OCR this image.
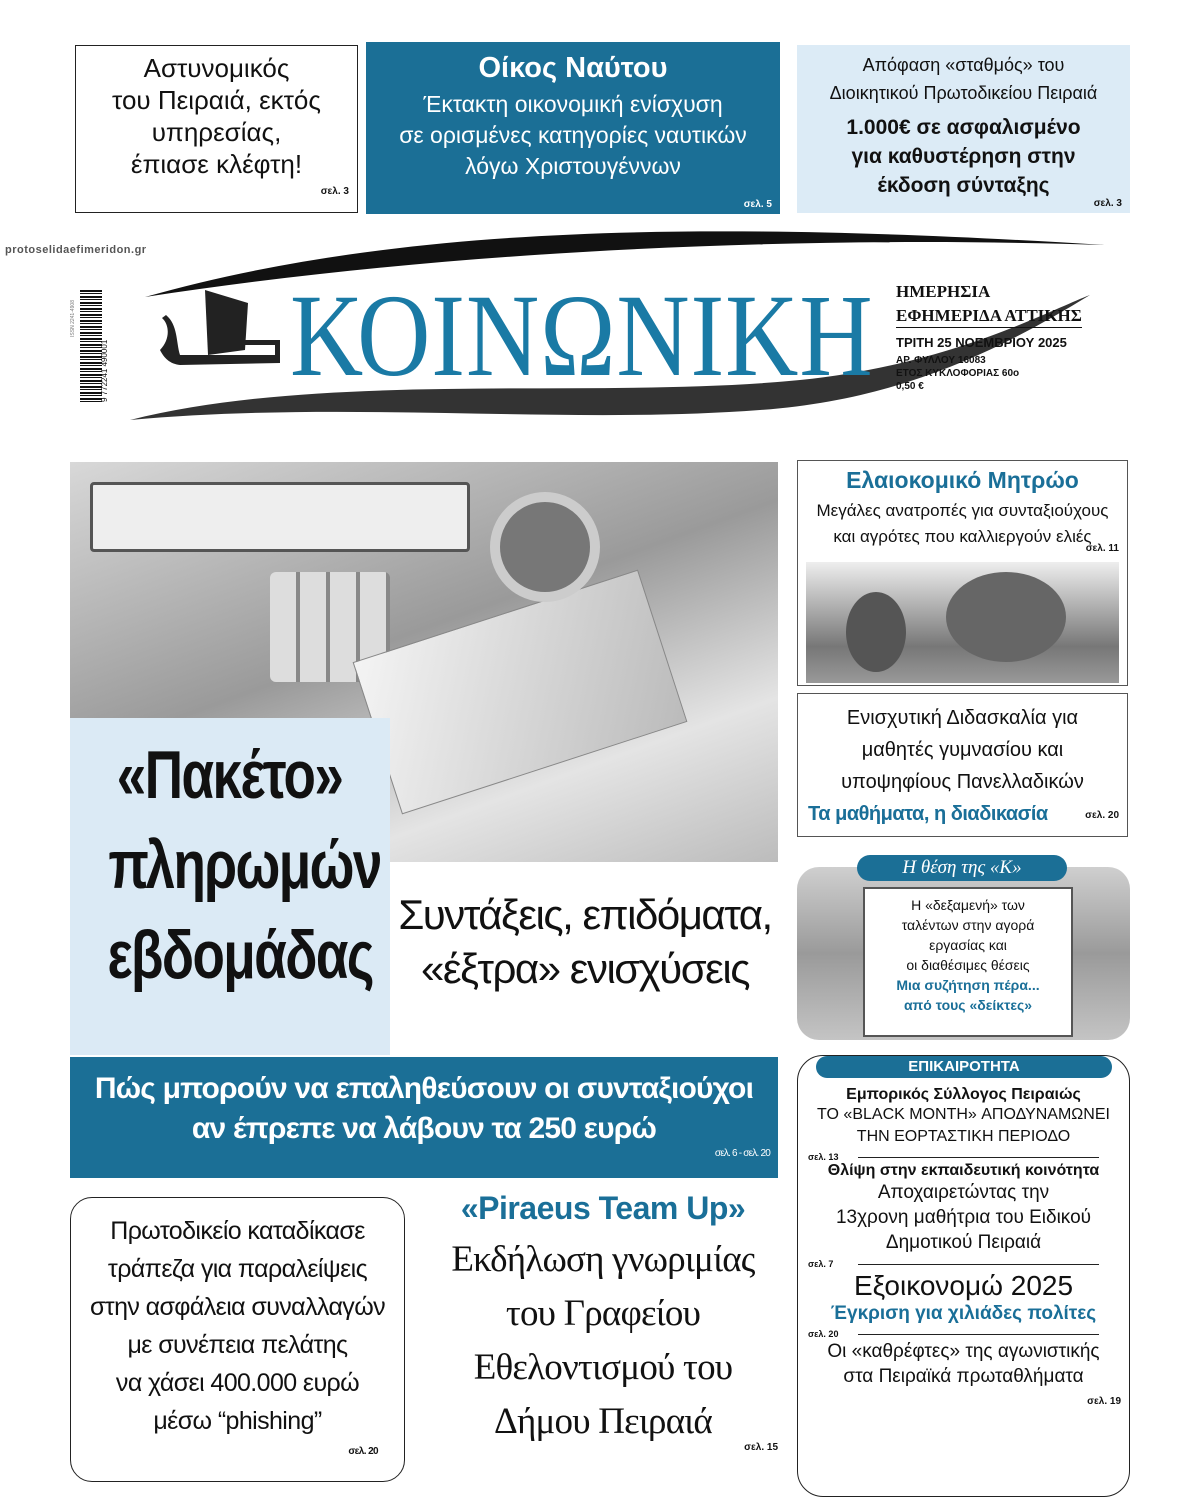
Αστυνομικός
του Πειραιά, εκτός
υπηρεσίας,
έπιασε κλέφτη!
σελ. 3
Οίκος Ναύτου
Έκτακτη οικονομική ενίσχυση
σε ορισμένες κατηγορίες ναυτικών
λόγω Χριστουγέννων
σελ. 5
Απόφαση «σταθμός» του
Διοικητικού Πρωτοδικείου Πειραιά
1.000€ σε ασφαλισμένο
για καθυστέρηση στην
έκδοση σύνταξης
σελ. 3
protoselidaefimeridon.gr
9 772241 490001
ISSN 2241-4908 ΚΟΙΝΩΝΙΚΗ ΗΜΕΡΗΣΙΑ
ΕΦΗΜΕΡΙΔΑ ΑΤΤΙΚΗΣ
ΤΡΙΤΗ 25 ΝΟΕΜΒΡΙΟΥ 2025
ΑΡ. ΦΥΛΛΟΥ 16083
ΕΤΟΣ ΚΥΚΛΟΦΟΡΙΑΣ 60ο
0,50 €
«Πακέτο»
πληρωμών
εβδομάδας
Συντάξεις, επιδόματα,
«έξτρα» ενισχύσεις
Πώς μπορούν να επαληθεύσουν οι συνταξιούχοι
αν έπρεπε να λάβουν τα 250 ευρώ
σελ. 6 - σελ. 20
Πρωτοδικείο καταδίκασε
τράπεζα για παραλείψεις
στην ασφάλεια συναλλαγών
με συνέπεια πελάτης
να χάσει 400.000 ευρώ
μέσω “phishing”
σελ. 20
«Piraeus Team Up»
Εκδήλωση γνωριμίας
του Γραφείου
Εθελοντισμού του
Δήμου Πειραιά
σελ. 15
Ελαιοκομικό Μητρώο
Μεγάλες ανατροπές για συνταξιούχους
και αγρότες που καλλιεργούν ελιές
σελ. 11
Ενισχυτική Διδασκαλία για
μαθητές γυμνασίου και
υποψηφίους Πανελλαδικών
Τα μαθήματα, η διαδικασία	σελ. 20
Η θέση της «Κ»
Η «δεξαμενή» των
ταλέντων στην αγορά
εργασίας και
οι διαθέσιμες θέσεις
Μια συζήτηση πέρα...
από τους «δείκτες»
ΕΠΙΚΑΙΡΟΤΗΤΑ
Εμπορικός Σύλλογος Πειραιώς
ΤΟ «BLACK MONTH» ΑΠΟΔΥΝΑΜΩΝΕΙ
ΤΗΝ ΕΟΡΤΑΣΤΙΚΗ ΠΕΡΙΟΔΟ
σελ. 13
Θλίψη στην εκπαιδευτική κοινότητα
Αποχαιρετώντας την
13χρονη μαθήτρια του Ειδικού
Δημοτικού Πειραιά
σελ. 7
Εξοικονομώ 2025
Έγκριση για χιλιάδες πολίτες
σελ. 20
Οι «καθρέφτες» της αγωνιστικής
στα Πειραϊκά πρωταθλήματα
σελ. 19
